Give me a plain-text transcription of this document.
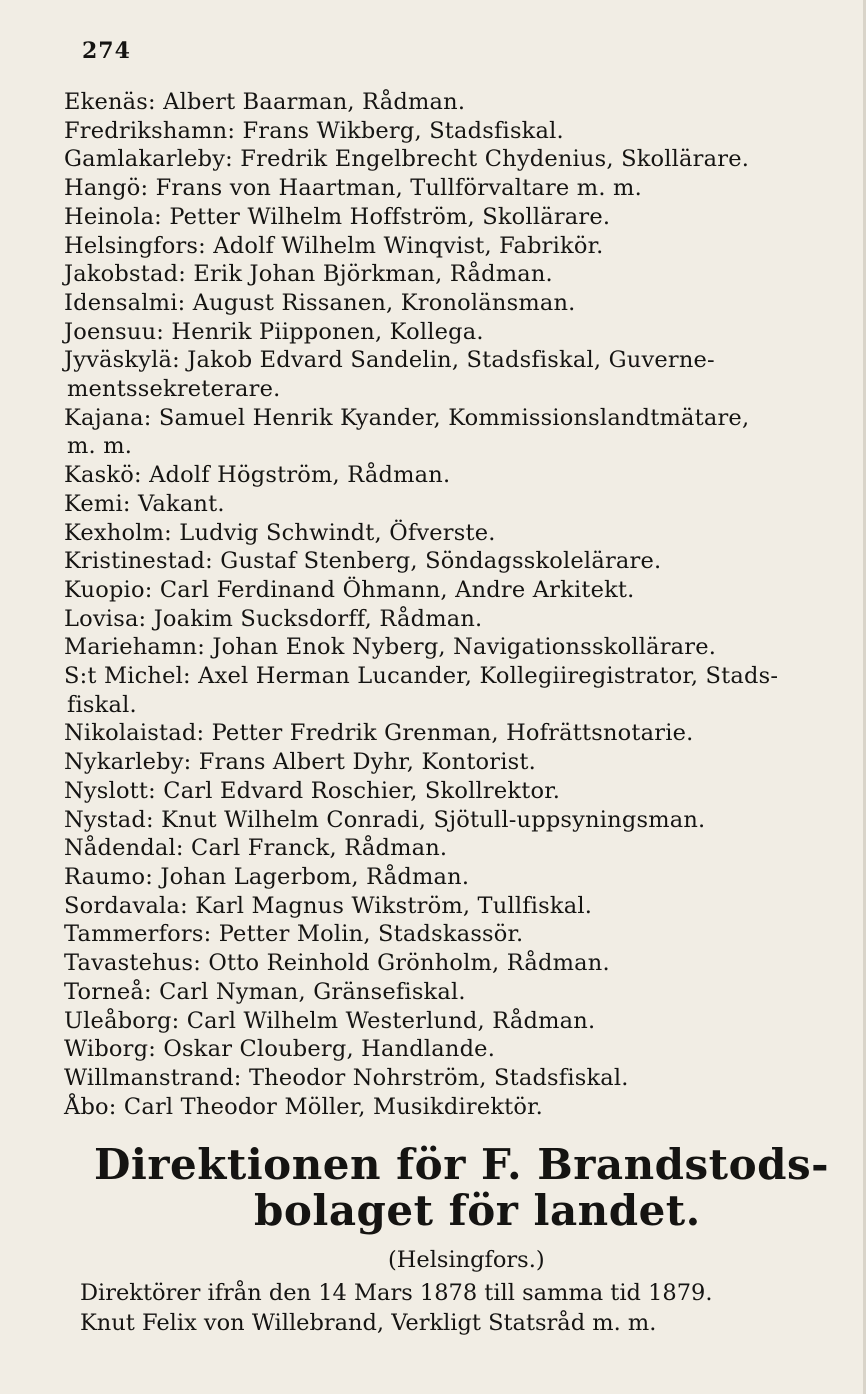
274
Ekenäs: Albert Baarman, Rådman.
Fredrikshamn: Frans Wikberg, Stadsfiskal.
Gamlakarleby: Fredrik Engelbrecht Chydenius, Skollärare.
Hangö: Frans von Haartman, Tullförvaltare m. m.
Heinola: Petter Wilhelm Hoffström, Skollärare.
Helsingfors: Adolf Wilhelm Winqvist, Fabrikör.
Jakobstad: Erik Johan Björkman, Rådman.
Idensalmi: August Rissanen, Kronolänsman.
Joensuu: Henrik Piipponen, Kollega.
Jyväskylä: Jakob Edvard Sandelin, Stadsfiskal, Guverne-
mentssekreterare.
Kajana: Samuel Henrik Kyander, Kommissionslandtmätare,
m. m.
Kaskö: Adolf Högström, Rådman.
Kemi: Vakant.
Kexholm: Ludvig Schwindt, Öfverste.
Kristinestad: Gustaf Stenberg, Söndagsskolelärare.
Kuopio: Carl Ferdinand Öhmann, Andre Arkitekt.
Lovisa: Joakim Sucksdorff, Rådman.
Mariehamn: Johan Enok Nyberg, Navigationsskollärare.
S:t Michel: Axel Herman Lucander, Kollegiiregistrator, Stads-
fiskal.
Nikolaistad: Petter Fredrik Grenman, Hofrättsnotarie.
Nykarleby: Frans Albert Dyhr, Kontorist.
Nyslott: Carl Edvard Roschier, Skollrektor.
Nystad: Knut Wilhelm Conradi, Sjötull-uppsyningsman.
Nådendal: Carl Franck, Rådman.
Raumo: Johan Lagerbom, Rådman.
Sordavala: Karl Magnus Wikström, Tullfiskal.
Tammerfors: Petter Molin, Stadskassör.
Tavastehus: Otto Reinhold Grönholm, Rådman.
Torneå: Carl Nyman, Gränsefiskal.
Uleåborg: Carl Wilhelm Westerlund, Rådman.
Wiborg: Oskar Clouberg, Handlande.
Willmanstrand: Theodor Nohrström, Stadsfiskal.
Åbo: Carl Theodor Möller, Musikdirektör.
Direktionen för F. Brandstods-
bolaget för landet.
(Helsingfors.)
Direktörer ifrån den 14 Mars 1878 till samma tid 1879.
Knut Felix von Willebrand, Verkligt Statsråd m. m.
